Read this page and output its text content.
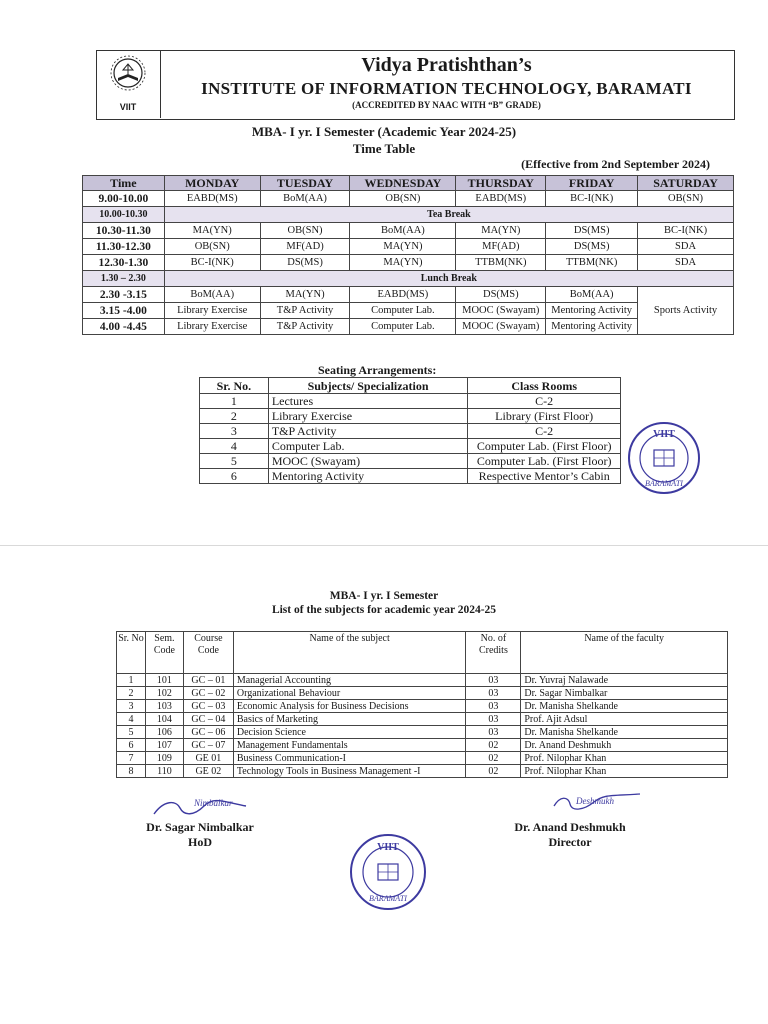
VIIT
Vidya Pratishthan’s
INSTITUTE OF INFORMATION TECHNOLOGY, BARAMATI
(ACCREDITED BY NAAC WITH “B” GRADE)
MBA- I yr. I Semester (Academic Year 2024-25)
Time Table
(Effective from 2nd September 2024)
Time	MONDAY	TUESDAY	WEDNESDAY	THURSDAY	FRIDAY	SATURDAY
9.00-10.00	EABD(MS)	BoM(AA)	OB(SN)	EABD(MS)	BC-I(NK)	OB(SN)
10.00-10.30	Tea Break					
10.30-11.30	MA(YN)	OB(SN)	BoM(AA)	MA(YN)	DS(MS)	BC-I(NK)
11.30-12.30	OB(SN)	MF(AD)	MA(YN)	MF(AD)	DS(MS)	SDA
12.30-1.30	BC-I(NK)	DS(MS)	MA(YN)	TTBM(NK)	TTBM(NK)	SDA
1.30 – 2.30	Lunch Break					
2.30 -3.15	BoM(AA)	MA(YN)	EABD(MS)	DS(MS)	BoM(AA)	Sports Activity
3.15 -4.00	Library Exercise	T&P Activity	Computer Lab.	MOOC (Swayam)	Mentoring Activity	
4.00 -4.45	Library Exercise	T&P Activity	Computer Lab.	MOOC (Swayam)	Mentoring Activity	
Seating Arrangements:
Sr. No.	Subjects/ Specialization	Class Rooms
1	Lectures	C-2
2	Library Exercise	Library (First Floor)
3	T&P Activity	C-2
4	Computer Lab.	Computer Lab. (First Floor)
5	MOOC (Swayam)	Computer Lab. (First Floor)
6	Mentoring Activity	Respective Mentor’s Cabin
VIIT
BARAMATI
MBA- I yr. I Semester
List of the subjects for academic year 2024-25
Sr. No	Sem. Code	Course Code	Name of the subject	No. of Credits	Name of the faculty
1	101	GC – 01	Managerial Accounting	03	Dr. Yuvraj Nalawade
2	102	GC – 02	Organizational Behaviour	03	Dr. Sagar Nimbalkar
3	103	GC – 03	Economic Analysis for Business Decisions	03	Dr. Manisha Shelkande
4	104	GC – 04	Basics of Marketing	03	Prof. Ajit Adsul
5	106	GC – 06	Decision Science	03	Dr. Manisha Shelkande
6	107	GC – 07	Management Fundamentals	02	Dr. Anand Deshmukh
7	109	GE 01	Business Communication-I	02	Prof. Nilophar Khan
8	110	GE 02	Technology Tools in Business Management -I	02	Prof. Nilophar Khan
Nimbalkar
Dr. Sagar Nimbalkar
HoD
Deshmukh
Dr. Anand Deshmukh
Director
VIIT
BARAMATI
